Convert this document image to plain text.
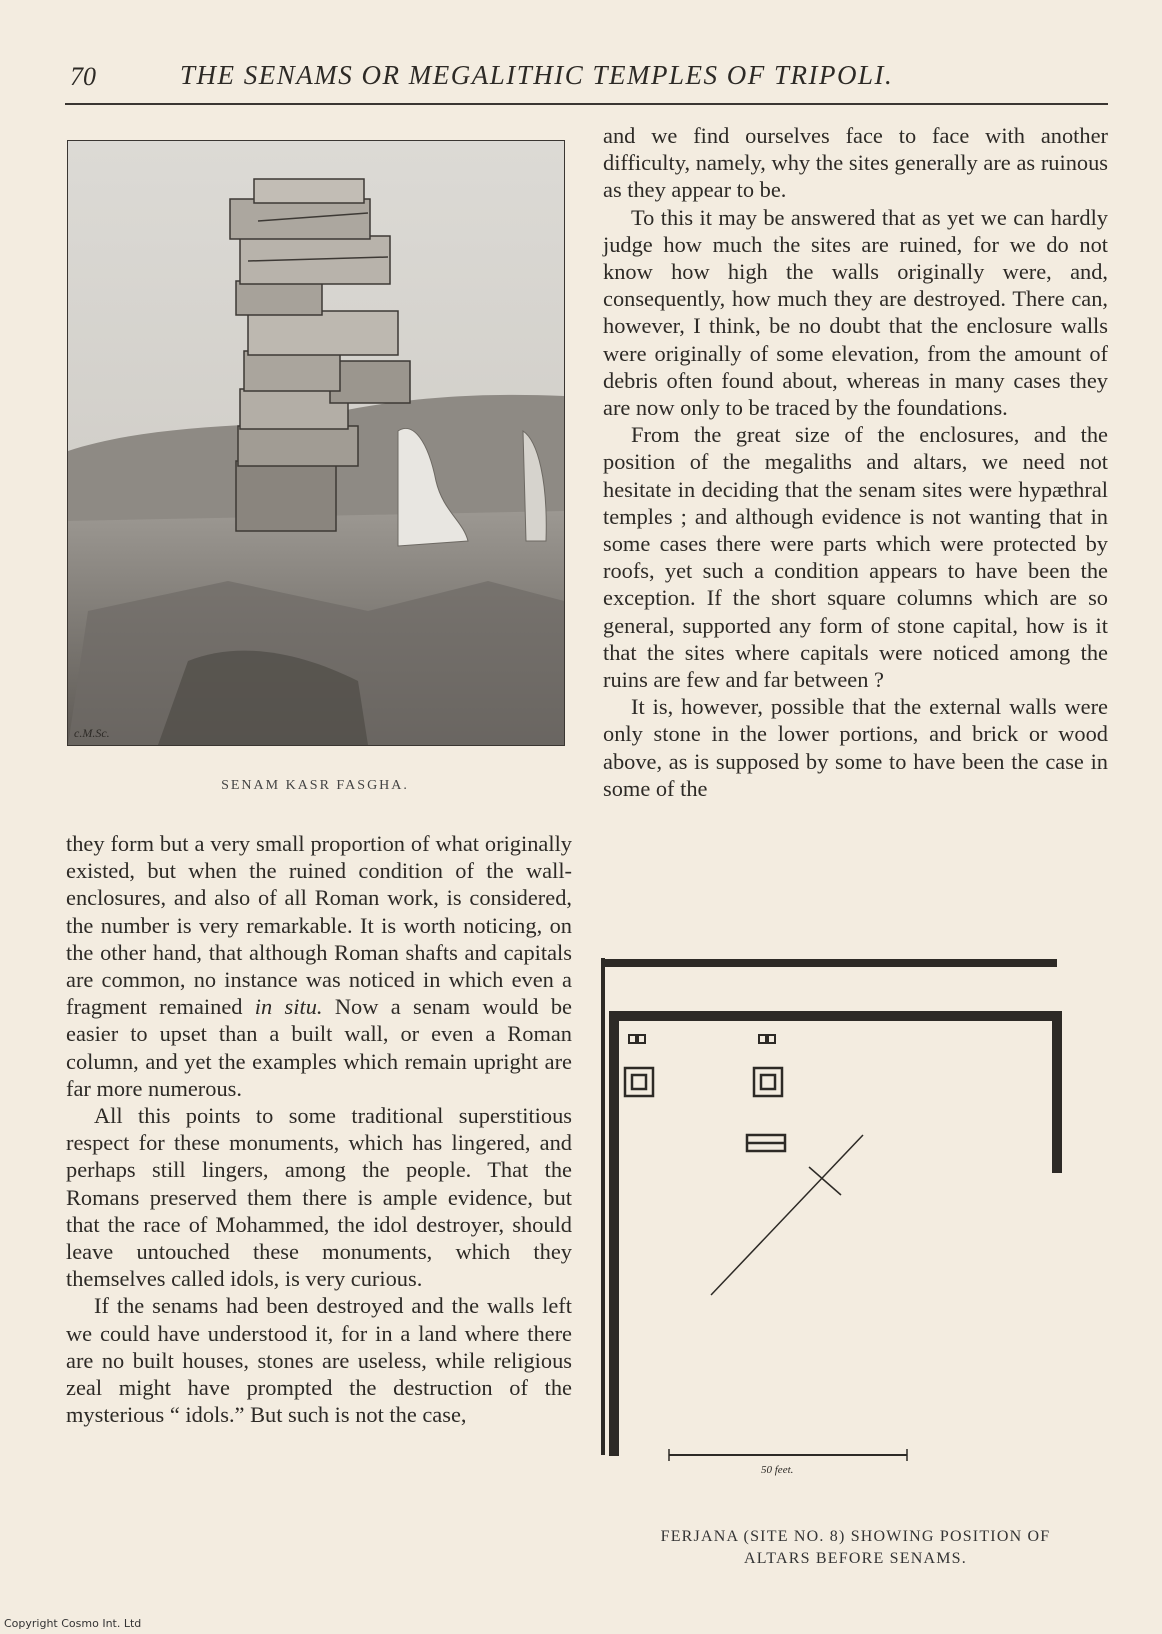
70	THE SENAMS OR MEGALITHIC TEMPLES OF TRIPOLI.
c.M.Sc.
SENAM KASR FASGHA.

they form but a very small proportion of what originally existed, but when the ruined condition of the wall-enclosures, and also of all Roman work, is considered, the number is very remarkable. It is worth noticing, on the other hand, that although Roman shafts and capitals are common, no instance was noticed in which even a fragment remained in situ. Now a senam would be easier to upset than a built wall, or even a Roman column, and yet the examples which remain upright are far more numerous.

All this points to some traditional superstitious respect for these monuments, which has lingered, and perhaps still lingers, among the people. That the Romans preserved them there is ample evidence, but that the race of Mohammed, the idol destroyer, should leave untouched these monuments, which they themselves called idols, is very curious.

If the senams had been destroyed and the walls left we could have understood it, for in a land where there are no built houses, stones are useless, while religious zeal might have prompted the destruction of the mysterious “ idols.” But such is not the case,

and we find ourselves face to face with another difficulty, namely, why the sites generally are as ruinous as they appear to be.

To this it may be answered that as yet we can hardly judge how much the sites are ruined, for we do not know how high the walls originally were, and, consequently, how much they are destroyed. There can, however, I think, be no doubt that the enclosure walls were originally of some elevation, from the amount of debris often found about, whereas in many cases they are now only to be traced by the foundations.

From the great size of the enclosures, and the position of the megaliths and altars, we need not hesitate in deciding that the senam sites were hypæthral temples ; and although evidence is not wanting that in some cases there were parts which were protected by roofs, yet such a condition appears to have been the exception. If the short square columns which are so general, supported any form of stone capital, how is it that the sites where capitals were noticed among the ruins are few and far between ?

It is, however, possible that the external walls were only stone in the lower portions, and brick or wood above, as is supposed by some to have been the case in some of the

50 feet.
FERJANA (SITE NO. 8) SHOWING POSITION OF
ALTARS BEFORE SENAMS.
Copyright Cosmo Int. Ltd
